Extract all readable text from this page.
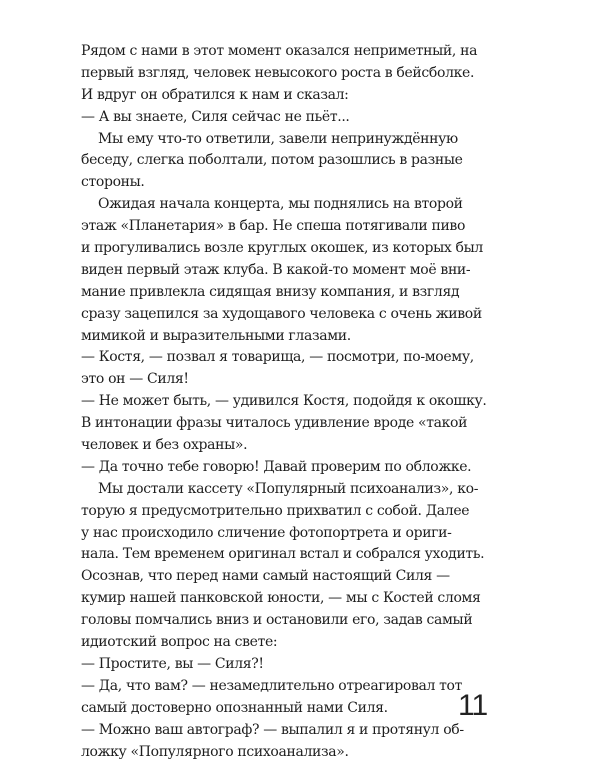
Рядом с нами в этот момент оказался неприметный, на
первый взгляд, человек невысокого роста в бейсболке.
И вдруг он обратился к нам и сказал:
— А вы знаете, Силя сейчас не пьёт...
Мы ему что-то ответили, завели непринуждённую
беседу, слегка поболтали, потом разошлись в разные
стороны.
Ожидая начала концерта, мы поднялись на второй
этаж «Планетария» в бар. Не спеша потягивали пиво
и прогуливались возле круглых окошек, из которых был
виден первый этаж клуба. В какой-то момент моё вни-
мание привлекла сидящая внизу компания, и взгляд
сразу зацепился за худощавого человека с очень живой
мимикой и выразительными глазами.
— Костя, — позвал я товарища, — посмотри, по-моему,
это он — Силя!
— Не может быть, — удивился Костя, подойдя к окошку.
В интонации фразы читалось удивление вроде «такой
человек и без охраны».
— Да точно тебе говорю! Давай проверим по обложке.
Мы достали кассету «Популярный психоанализ», ко-
торую я предусмотрительно прихватил с собой. Далее
у нас происходило сличение фотопортрета и ориги-
нала. Тем временем оригинал встал и собрался уходить.
Осознав, что перед нами самый настоящий Силя —
кумир нашей панковской юности, — мы с Костей сломя
головы помчались вниз и остановили его, задав самый
идиотский вопрос на свете:
— Простите, вы — Силя?!
— Да, что вам? — незамедлительно отреагировал тот
самый достоверно опознанный нами Силя.
— Можно ваш автограф? — выпалил я и протянул об-
ложку «Популярного психоанализа».
11
